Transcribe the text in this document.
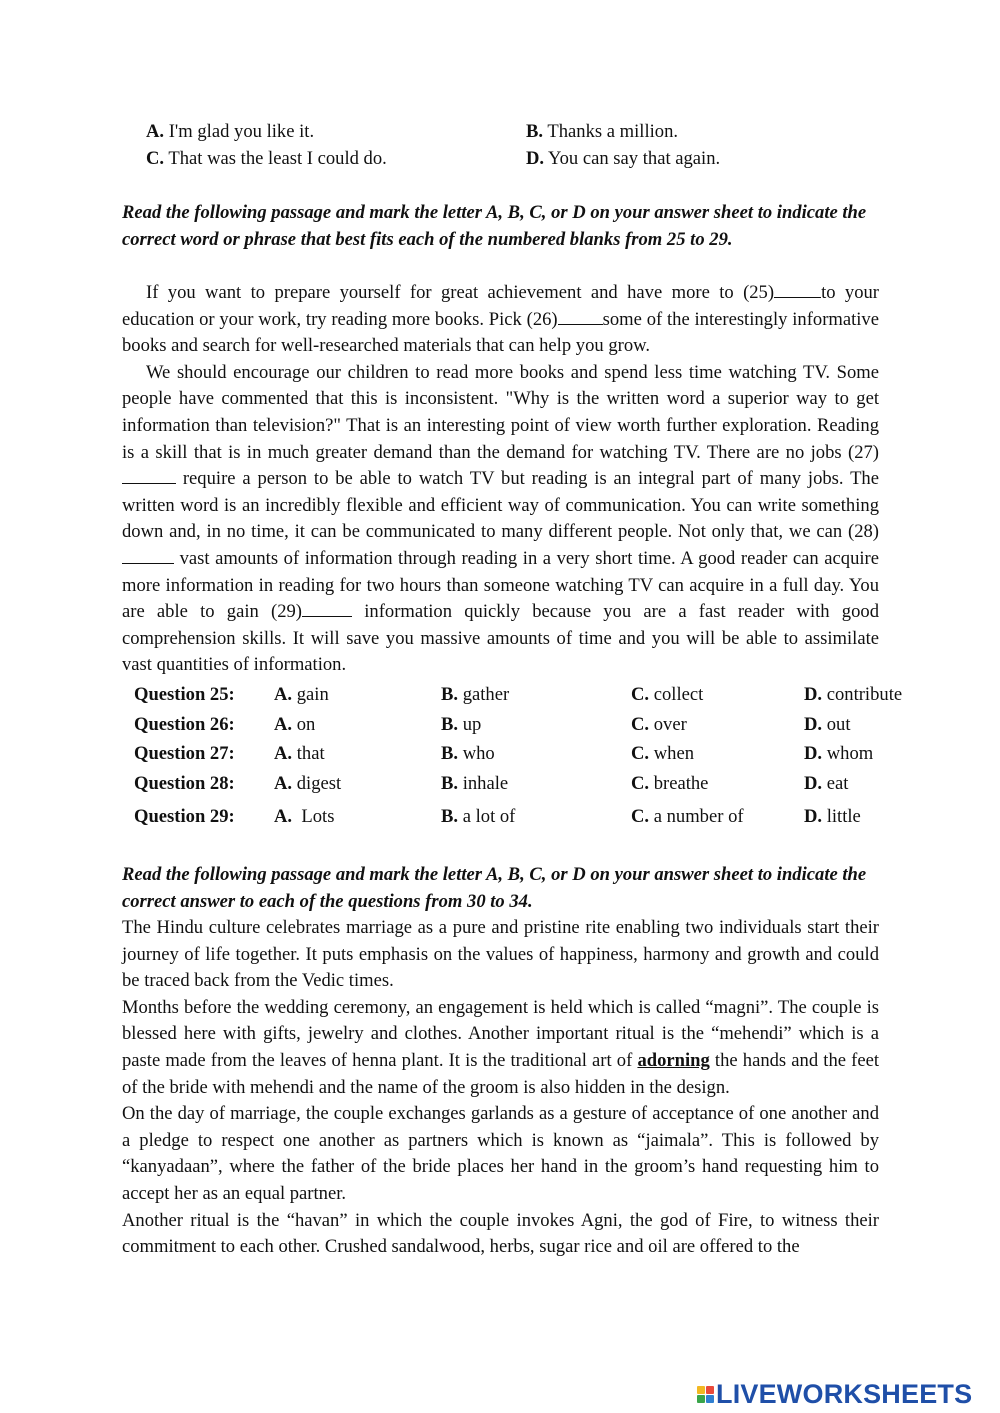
A. I'm glad you like it.	B. Thanks a million.
C. That was the least I could do.	D. You can say that again.
Read the following passage and mark the letter A, B, C, or D on your answer sheet to indicate the correct word or phrase that best fits each of the numbered blanks from 25 to 29.

If you want to prepare yourself for great achievement and have more to (25)	to your education or your work, try reading more books. Pick (26) some of the interestingly informative books and search for well-researched materials that can help you grow.

We should encourage our children to read more books and spend less time watching TV. Some people have commented that this is inconsistent. "Why is the written word a superior way to get information than television?" That is an interesting point of view worth further exploration. Reading is a skill that is in much greater demand than the demand for watching TV. There are no jobs (27) require a person to be able to watch TV but reading is an integral part of many jobs. The written word is an incredibly flexible and efficient way of communication. You can write something down and, in no time, it can be communicated to many different people. Not only that, we can (28) vast amounts of information through reading in a very short time. A good reader can acquire more information in reading for two hours than someone watching TV can acquire in a full day. You are able to gain (29)	information quickly because you are a fast reader with good comprehension skills. It will save you massive amounts of time and you will be able to assimilate vast quantities of information.

Question 25: A. gain	B. gather	C. collect	D. contribute
Question 26: A. on	B. up	C. over	D. out
Question 27: A. that	B. who	C. when	D. whom
Question 28: A. digest	B. inhale	C. breathe	D. eat
Question 29: A.  Lots	B. a lot of	C. a number of	D. little
Read the following passage and mark the letter A, B, C, or D on your answer sheet to indicate the correct answer to each of the questions from 30 to 34.

The Hindu culture celebrates marriage as a pure and pristine rite enabling two individuals start their journey of life together. It puts emphasis on the values of happiness, harmony and growth and could be traced back from the Vedic times.

Months before the wedding ceremony, an engagement is held which is called “magni”. The couple is blessed here with gifts, jewelry and clothes. Another important ritual is the “mehendi” which is a paste made from the leaves of henna plant. It is the traditional art of adorning the hands and the feet of the bride with mehendi and the name of the groom is also hidden in the design.

On the day of marriage, the couple exchanges garlands as a gesture of acceptance of one another and a pledge to respect one another as partners which is known as “jaimala”. This is followed by “kanyadaan”, where the father of the bride places her hand in the groom’s hand requesting him to accept her as an equal partner.

Another ritual is the “havan” in which the couple invokes Agni, the god of Fire, to witness their commitment to each other. Crushed sandalwood, herbs, sugar rice and oil are offered to the

LIVEWORKSHEETS
